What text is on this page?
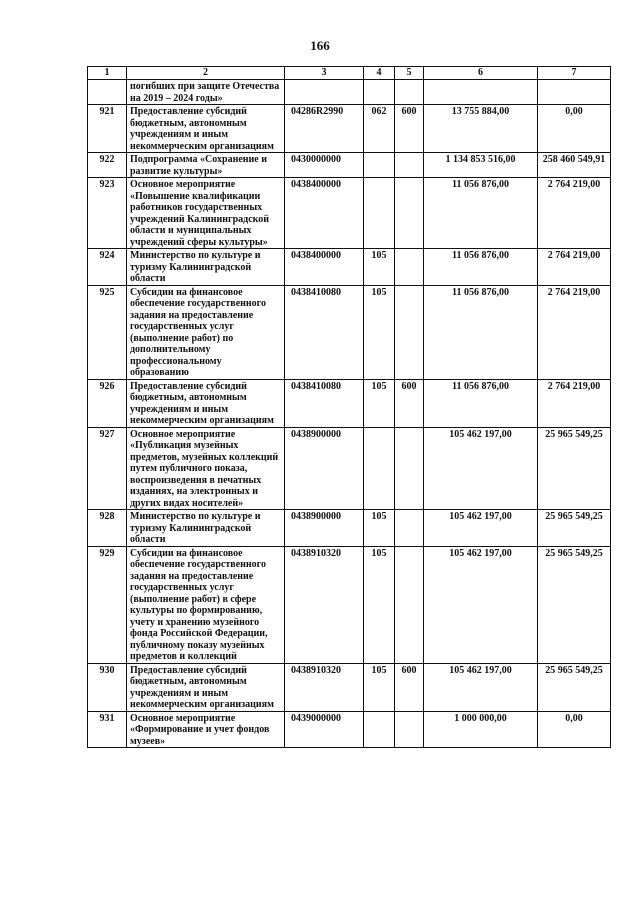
166
1	2	3	4	5	6	7
	погибших при защите Отечества на 2019 – 2024 годы»					
921	Предоставление субсидий бюджетным, автономным учреждениям и иным некоммерческим организациям	04286R2990	062	600	13 755 884,00	0,00
922	Подпрограмма «Сохранение и развитие культуры»	0430000000			1 134 853 516,00	258 460 549,91
923	Основное мероприятие «Повышение квалификации работников государственных учреждений Калининградской области и муниципальных учреждений сферы культуры»	0438400000			11 056 876,00	2 764 219,00
924	Министерство по культуре и туризму Калининградской области	0438400000	105		11 056 876,00	2 764 219,00
925	Субсидии на финансовое обеспечение государственного задания на предоставление государственных услуг (выполнение работ) по дополнительному профессиональному образованию	0438410080	105		11 056 876,00	2 764 219,00
926	Предоставление субсидий бюджетным, автономным учреждениям и иным некоммерческим организациям	0438410080	105	600	11 056 876,00	2 764 219,00
927	Основное мероприятие «Публикация музейных предметов, музейных коллекций путем публичного показа, воспроизведения в печатных изданиях, на электронных и других видах носителей»	0438900000			105 462 197,00	25 965 549,25
928	Министерство по культуре и туризму Калининградской области	0438900000	105		105 462 197,00	25 965 549,25
929	Субсидии на финансовое обеспечение государственного задания на предоставление государственных услуг (выполнение работ) в сфере культуры по формированию, учету и хранению музейного фонда Российской Федерации, публичному показу музейных предметов и коллекций	0438910320	105		105 462 197,00	25 965 549,25
930	Предоставление субсидий бюджетным, автономным учреждениям и иным некоммерческим организациям	0438910320	105	600	105 462 197,00	25 965 549,25
931	Основное мероприятие «Формирование и учет фондов музеев»	0439000000			1 000 000,00	0,00
